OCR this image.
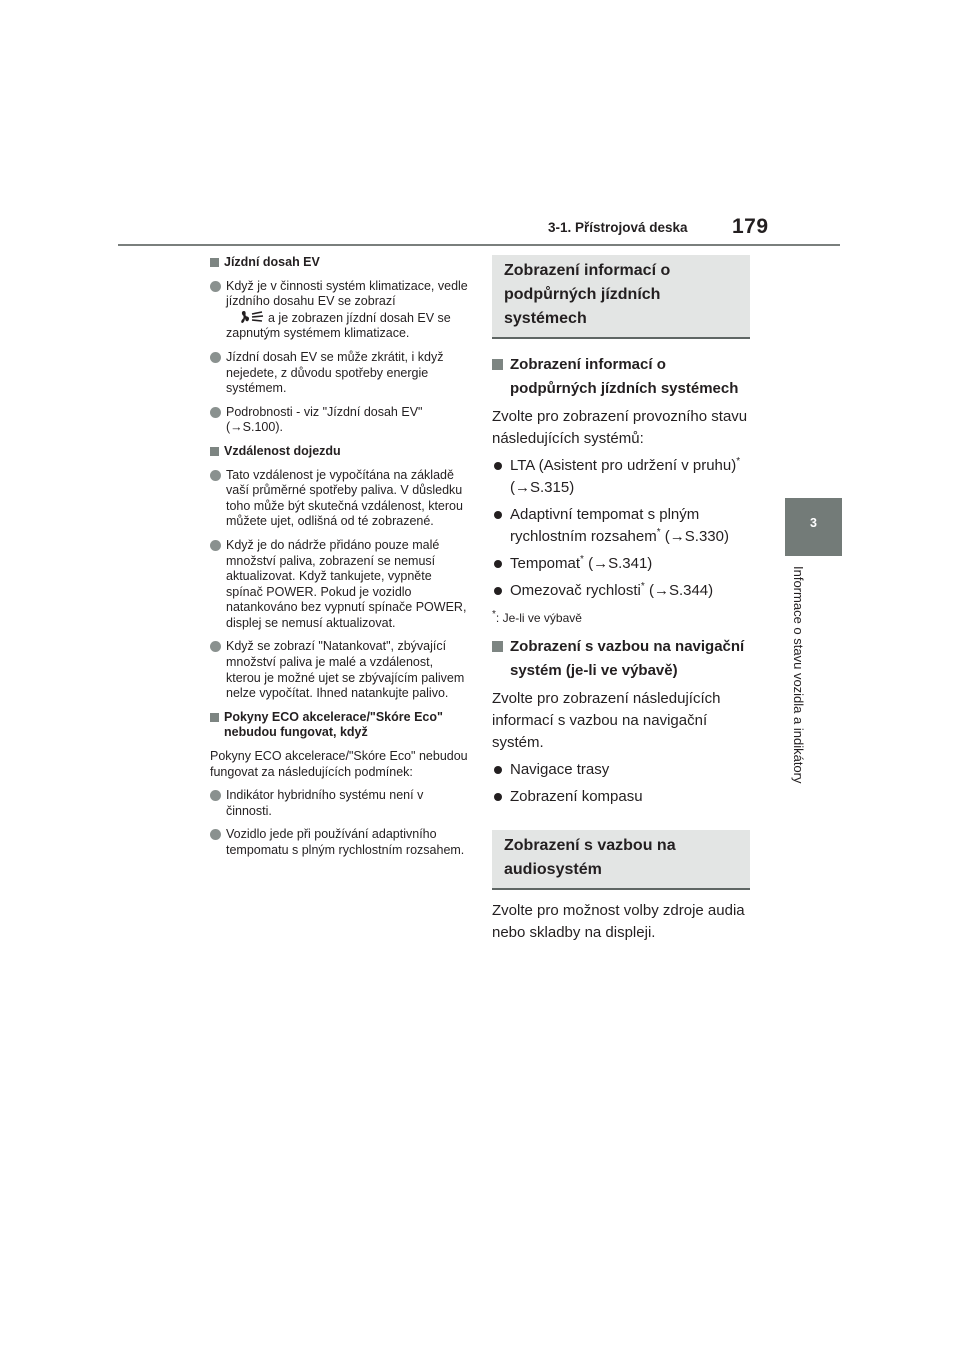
3-1. Přístrojová deska 179
3
Informace o stavu vozidla a indikátory
Jízdní dosah EV
Když je v činnosti systém klimatizace, vedle jízdního dosahu EV se zobrazí
a je zobrazen jízdní dosah EV se zapnutým systémem klimatizace.
Jízdní dosah EV se může zkrátit, i když nejedete, z důvodu spotřeby energie systémem.
Podrobnosti - viz "Jízdní dosah EV" (→S.100).
Vzdálenost dojezdu
Tato vzdálenost je vypočítána na základě vaší průměrné spotřeby paliva. V důsledku toho může být skutečná vzdálenost, kterou můžete ujet, odlišná od té zobrazené.
Když je do nádrže přidáno pouze malé množství paliva, zobrazení se nemusí aktualizovat. Když tankujete, vypněte spínač POWER. Pokud je vozidlo natankováno bez vypnutí spínače POWER, displej se nemusí aktualizovat.
Když se zobrazí "Natankovat", zbývající množství paliva je malé a vzdálenost, kterou je možné ujet se zbývajícím palivem nelze vypočítat. Ihned natankujte palivo.
Pokyny ECO akcelerace/"Skóre Eco" nebudou fungovat, když
Pokyny ECO akcelerace/"Skóre Eco" nebudou fungovat za následujících podmínek:
Indikátor hybridního systému není v činnosti.
Vozidlo jede při používání adaptivního tempomatu s plným rychlostním rozsahem.
Zobrazení informací o podpůrných jízdních systémech
Zobrazení informací o podpůrných jízdních systémech
Zvolte pro zobrazení provozního stavu následujících systémů:
LTA (Asistent pro udržení v pruhu)* (→S.315)
Adaptivní tempomat s plným rychlostním rozsahem* (→S.330)
Tempomat* (→S.341)
Omezovač rychlosti* (→S.344)
*: Je-li ve výbavě
Zobrazení s vazbou na navigační systém (je-li ve výbavě)
Zvolte pro zobrazení následujících informací s vazbou na navigační systém.
Navigace trasy
Zobrazení kompasu
Zobrazení s vazbou na audiosystém
Zvolte pro možnost volby zdroje audia nebo skladby na displeji.
